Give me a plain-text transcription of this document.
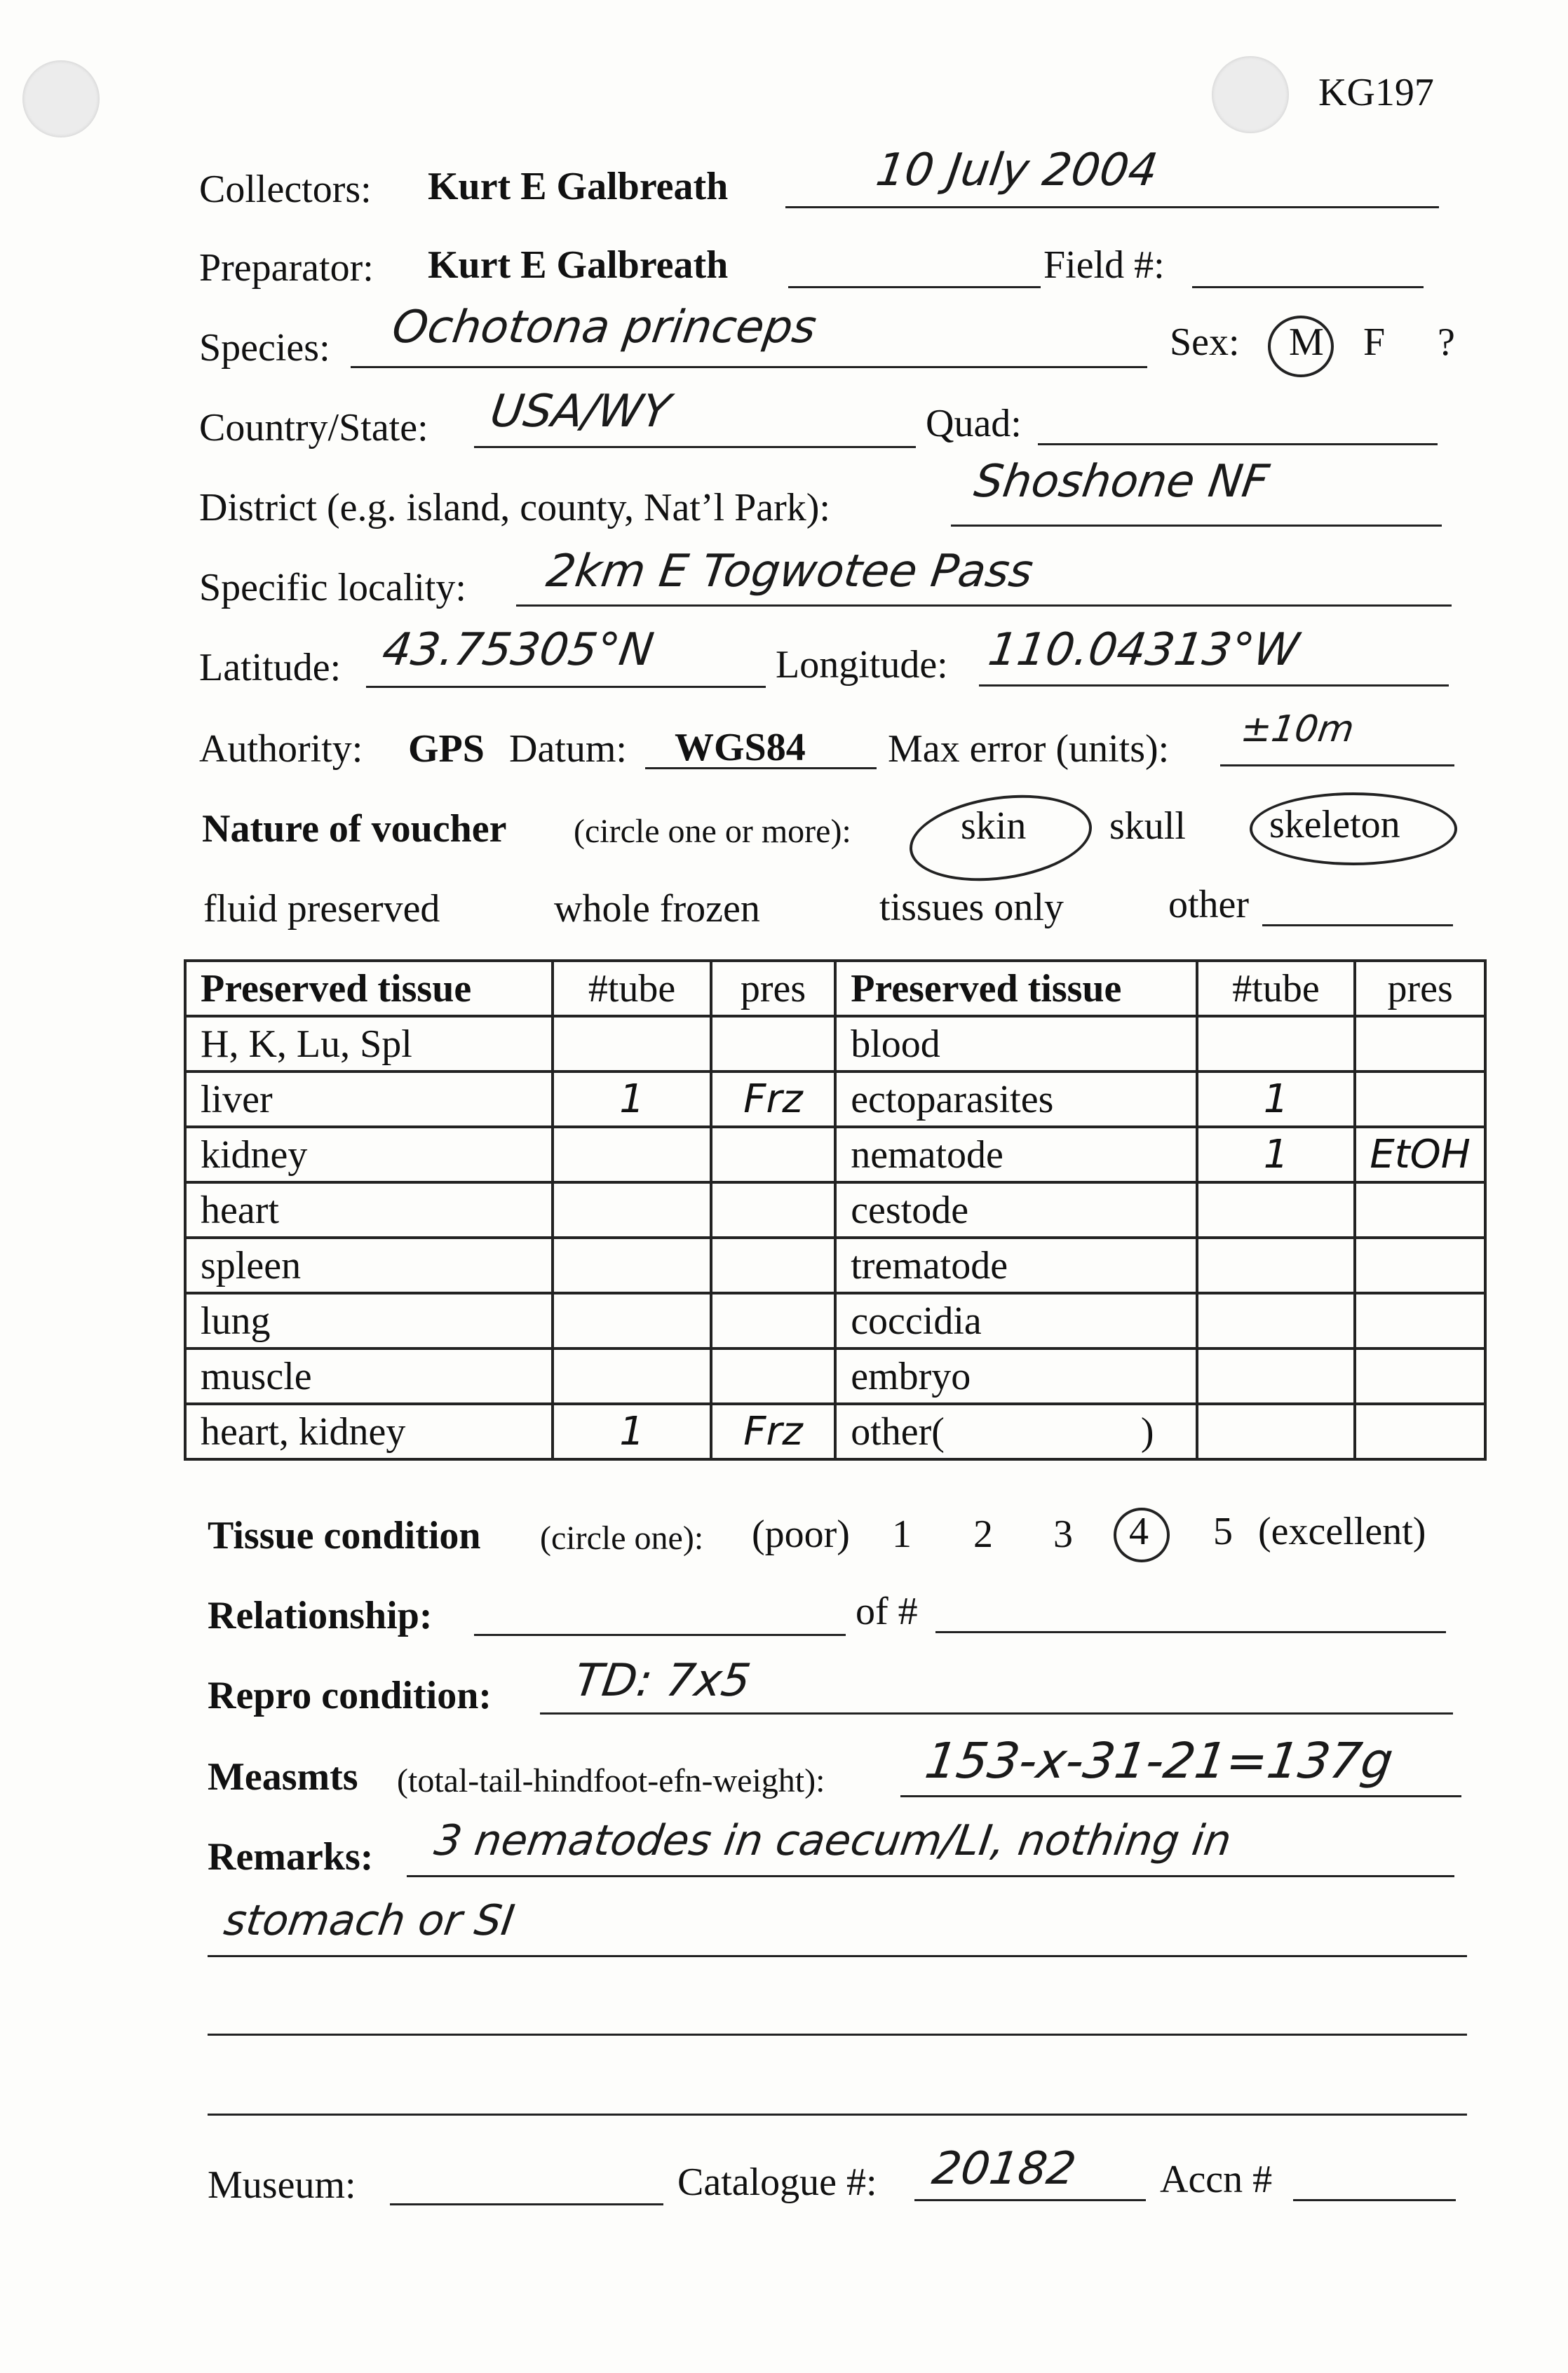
KG197
Collectors: Kurt E Galbreath	10 July 2004
Preparator: Kurt E Galbreath	Field #:
Species: Ochotona princeps	Sex: M F ?
Country/State: USA/WY	Quad:
District (e.g. island, county, Nat’l Park):	Shoshone NF
Specific locality: 2km E Togwotee Pass
Latitude: 43.75305°N	Longitude: 110.04313°W
Authority: GPS Datum: WGS84 Max error (units): ±10m
Nature of voucher (circle one or more):	skin skull skeleton
fluid preserved	whole frozen	tissues only	other
Preserved tissue	#tube	pres	Preserved tissue	#tube	pres
H, K, Lu, Spl			blood		
liver	1	Frz	ectoparasites	1	
kidney			nematode	1	EtOH
heart			cestode		
spleen			trematode		
lung			coccidia		
muscle			embryo		
heart, kidney	1	Frz	other(                    )		
Tissue condition (circle one): (poor) 1 2 3 4 5 (excellent)
Relationship:	of #
Repro condition: TD: 7x5
Measmts (total-tail-hindfoot-efn-weight): 153-x-31-21=137g
Remarks: 3 nematodes in caecum/LI, nothing in
stomach or SI
Museum:	Catalogue #: 20182 Accn #
